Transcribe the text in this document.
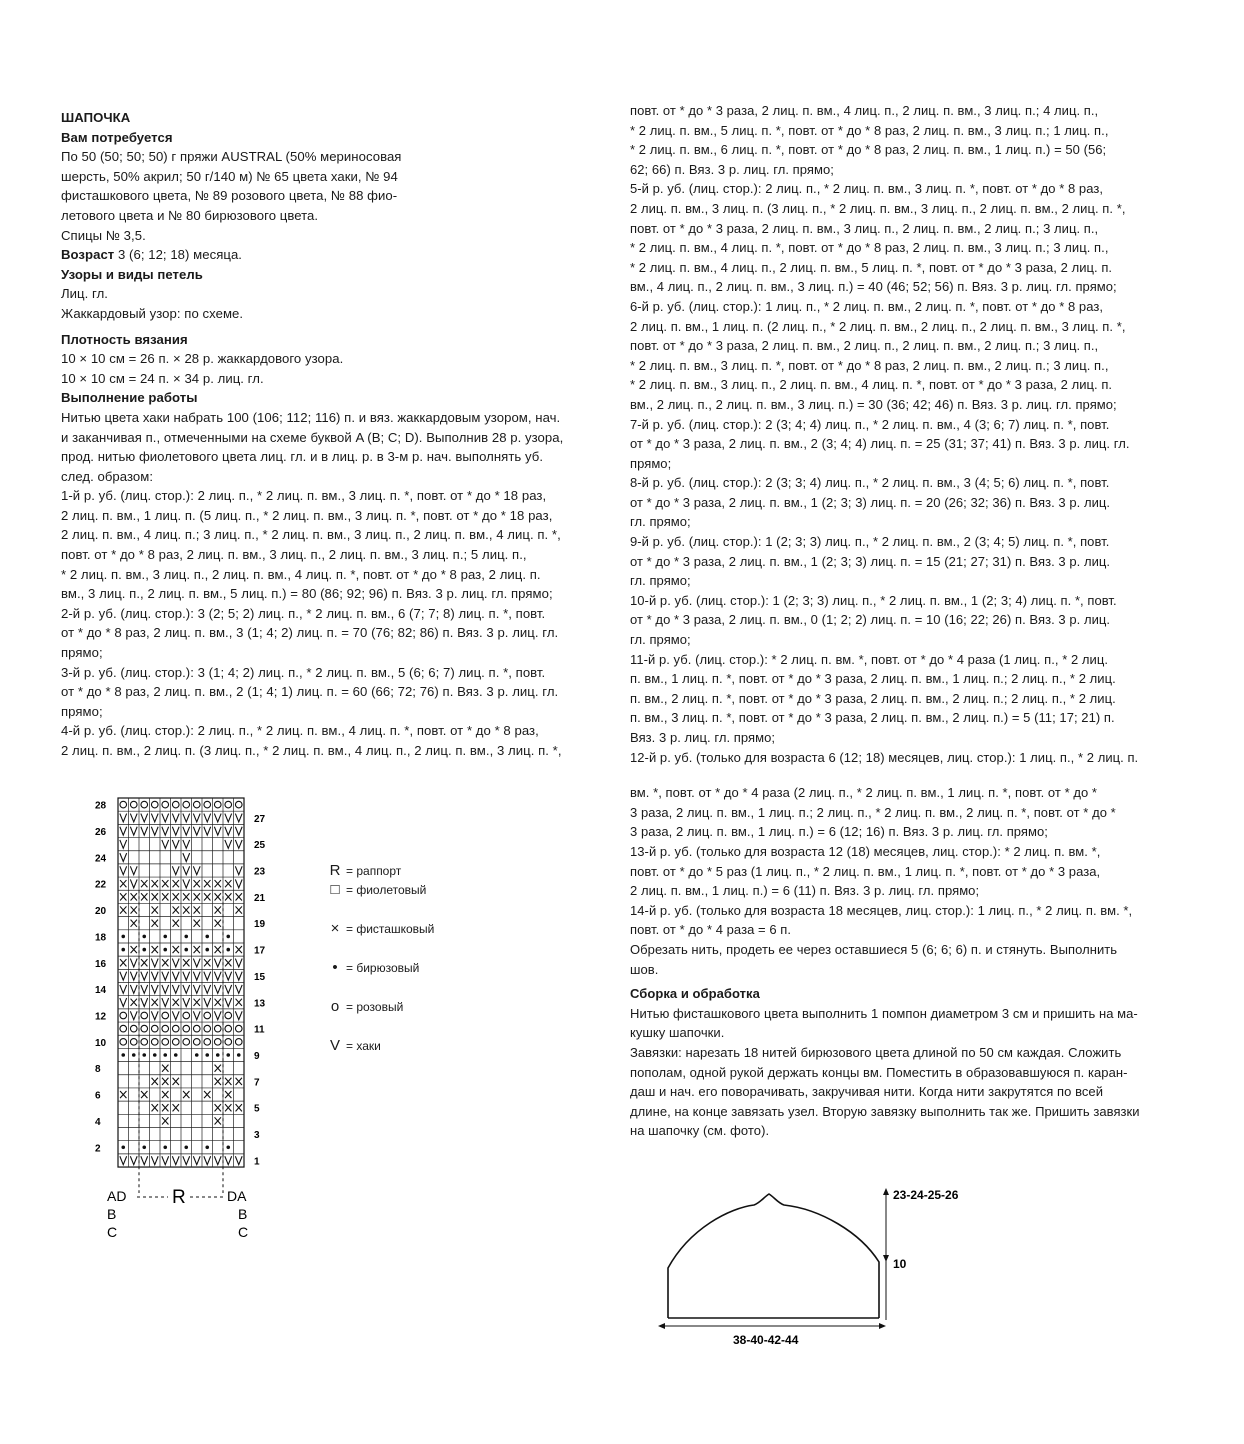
ШАПОЧКА
Вам потребуется
По 50 (50; 50; 50) г пряжи AUSTRAL (50% мериносовая
шерсть, 50% акрил; 50 г/140 м) № 65 цвета хаки, № 94
фисташкового цвета, № 89 розового цвета, № 88 фио-
летового цвета и № 80 бирюзового цвета.
Спицы № 3,5.
Возраст 3 (6; 12; 18) месяца.
Узоры и виды петель
Лиц. гл.
Жаккардовый узор: по схеме.
Плотность вязания
10 × 10 см = 26 п. × 28 р. жаккардового узора.
10 × 10 см = 24 п. × 34 р. лиц. гл.
Выполнение работы
Нитью цвета хаки набрать 100 (106; 112; 116) п. и вяз. жаккардовым узором, нач.
и заканчивая п., отмеченными на схеме буквой A (B; C; D). Выполнив 28 р. узора,
прод. нитью фиолетового цвета лиц. гл. и в лиц. р. в 3-м р. нач. выполнять уб.
след. образом:
1-й р. уб. (лиц. стор.): 2 лиц. п., * 2 лиц. п. вм., 3 лиц. п. *, повт. от * до * 18 раз,
2 лиц. п. вм., 1 лиц. п. (5 лиц. п., * 2 лиц. п. вм., 3 лиц. п. *, повт. от * до * 18 раз,
2 лиц. п. вм., 4 лиц. п.; 3 лиц. п., * 2 лиц. п. вм., 3 лиц. п., 2 лиц. п. вм., 4 лиц. п. *,
повт. от * до * 8 раз, 2 лиц. п. вм., 3 лиц. п., 2 лиц. п. вм., 3 лиц. п.; 5 лиц. п.,
* 2 лиц. п. вм., 3 лиц. п., 2 лиц. п. вм., 4 лиц. п. *, повт. от * до * 8 раз, 2 лиц. п.
вм., 3 лиц. п., 2 лиц. п. вм., 5 лиц. п.) = 80 (86; 92; 96) п. Вяз. 3 р. лиц. гл. прямо;
2-й р. уб. (лиц. стор.): 3 (2; 5; 2) лиц. п., * 2 лиц. п. вм., 6 (7; 7; 8) лиц. п. *, повт.
от * до * 8 раз, 2 лиц. п. вм., 3 (1; 4; 2) лиц. п. = 70 (76; 82; 86) п. Вяз. 3 р. лиц. гл.
прямо;
3-й р. уб. (лиц. стор.): 3 (1; 4; 2) лиц. п., * 2 лиц. п. вм., 5 (6; 6; 7) лиц. п. *, повт.
от * до * 8 раз, 2 лиц. п. вм., 2 (1; 4; 1) лиц. п. = 60 (66; 72; 76) п. Вяз. 3 р. лиц. гл.
прямо;
4-й р. уб. (лиц. стор.): 2 лиц. п., * 2 лиц. п. вм., 4 лиц. п. *, повт. от * до * 8 раз,
2 лиц. п. вм., 2 лиц. п. (3 лиц. п., * 2 лиц. п. вм., 4 лиц. п., 2 лиц. п. вм., 3 лиц. п. *,
повт. от * до * 3 раза, 2 лиц. п. вм., 4 лиц. п., 2 лиц. п. вм., 3 лиц. п.; 4 лиц. п.,
* 2 лиц. п. вм., 5 лиц. п. *, повт. от * до * 8 раз, 2 лиц. п. вм., 3 лиц. п.; 1 лиц. п.,
* 2 лиц. п. вм., 6 лиц. п. *, повт. от * до * 8 раз, 2 лиц. п. вм., 1 лиц. п.) = 50 (56;
62; 66) п. Вяз. 3 р. лиц. гл. прямо;
5-й р. уб. (лиц. стор.): 2 лиц. п., * 2 лиц. п. вм., 3 лиц. п. *, повт. от * до * 8 раз,
2 лиц. п. вм., 3 лиц. п. (3 лиц. п., * 2 лиц. п. вм., 3 лиц. п., 2 лиц. п. вм., 2 лиц. п. *,
повт. от * до * 3 раза, 2 лиц. п. вм., 3 лиц. п., 2 лиц. п. вм., 2 лиц. п.; 3 лиц. п.,
* 2 лиц. п. вм., 4 лиц. п. *, повт. от * до * 8 раз, 2 лиц. п. вм., 3 лиц. п.; 3 лиц. п.,
* 2 лиц. п. вм., 4 лиц. п., 2 лиц. п. вм., 5 лиц. п. *, повт. от * до * 3 раза, 2 лиц. п.
вм., 4 лиц. п., 2 лиц. п. вм., 3 лиц. п.) = 40 (46; 52; 56) п. Вяз. 3 р. лиц. гл. прямо;
6-й р. уб. (лиц. стор.): 1 лиц. п., * 2 лиц. п. вм., 2 лиц. п. *, повт. от * до * 8 раз,
2 лиц. п. вм., 1 лиц. п. (2 лиц. п., * 2 лиц. п. вм., 2 лиц. п., 2 лиц. п. вм., 3 лиц. п. *,
повт. от * до * 3 раза, 2 лиц. п. вм., 2 лиц. п., 2 лиц. п. вм., 2 лиц. п.; 3 лиц. п.,
* 2 лиц. п. вм., 3 лиц. п. *, повт. от * до * 8 раз, 2 лиц. п. вм., 2 лиц. п.; 3 лиц. п.,
* 2 лиц. п. вм., 3 лиц. п., 2 лиц. п. вм., 4 лиц. п. *, повт. от * до * 3 раза, 2 лиц. п.
вм., 2 лиц. п., 2 лиц. п. вм., 3 лиц. п.) = 30 (36; 42; 46) п. Вяз. 3 р. лиц. гл. прямо;
7-й р. уб. (лиц. стор.): 2 (3; 4; 4) лиц. п., * 2 лиц. п. вм., 4 (3; 6; 7) лиц. п. *, повт.
от * до * 3 раза, 2 лиц. п. вм., 2 (3; 4; 4) лиц. п. = 25 (31; 37; 41) п. Вяз. 3 р. лиц. гл.
прямо;
8-й р. уб. (лиц. стор.): 2 (3; 3; 4) лиц. п., * 2 лиц. п. вм., 3 (4; 5; 6) лиц. п. *, повт.
от * до * 3 раза, 2 лиц. п. вм., 1 (2; 3; 3) лиц. п. = 20 (26; 32; 36) п. Вяз. 3 р. лиц.
гл. прямо;
9-й р. уб. (лиц. стор.): 1 (2; 3; 3) лиц. п., * 2 лиц. п. вм., 2 (3; 4; 5) лиц. п. *, повт.
от * до * 3 раза, 2 лиц. п. вм., 1 (2; 3; 3) лиц. п. = 15 (21; 27; 31) п. Вяз. 3 р. лиц.
гл. прямо;
10-й р. уб. (лиц. стор.): 1 (2; 3; 3) лиц. п., * 2 лиц. п. вм., 1 (2; 3; 4) лиц. п. *, повт.
от * до * 3 раза, 2 лиц. п. вм., 0 (1; 2; 2) лиц. п. = 10 (16; 22; 26) п. Вяз. 3 р. лиц.
гл. прямо;
11-й р. уб. (лиц. стор.): * 2 лиц. п. вм. *, повт. от * до * 4 раза (1 лиц. п., * 2 лиц.
п. вм., 1 лиц. п. *, повт. от * до * 3 раза, 2 лиц. п. вм., 1 лиц. п.; 2 лиц. п., * 2 лиц.
п. вм., 2 лиц. п. *, повт. от * до * 3 раза, 2 лиц. п. вм., 2 лиц. п.; 2 лиц. п., * 2 лиц.
п. вм., 3 лиц. п. *, повт. от * до * 3 раза, 2 лиц. п. вм., 2 лиц. п.) = 5 (11; 17; 21) п.
Вяз. 3 р. лиц. гл. прямо;
12-й р. уб. (только для возраста 6 (12; 18) месяцев, лиц. стор.): 1 лиц. п., * 2 лиц. п.
вм. *, повт. от * до * 4 раза (2 лиц. п., * 2 лиц. п. вм., 1 лиц. п. *, повт. от * до *
3 раза, 2 лиц. п. вм., 1 лиц. п.; 2 лиц. п., * 2 лиц. п. вм., 2 лиц. п. *, повт. от * до *
3 раза, 2 лиц. п. вм., 1 лиц. п.) = 6 (12; 16) п. Вяз. 3 р. лиц. гл. прямо;
13-й р. уб. (только для возраста 12 (18) месяцев, лиц. стор.): * 2 лиц. п. вм. *,
повт. от * до * 5 раз (1 лиц. п., * 2 лиц. п. вм., 1 лиц. п. *, повт. от * до * 3 раза,
2 лиц. п. вм., 1 лиц. п.) = 6 (11) п. Вяз. 3 р. лиц. гл. прямо;
14-й р. уб. (только для возраста 18 месяцев, лиц. стор.): 1 лиц. п., * 2 лиц. п. вм. *,
повт. от * до * 4 раза = 6 п.
Обрезать нить, продеть ее через оставшиеся 5 (6; 6; 6) п. и стянуть. Выполнить
шов.
Сборка и обработка
Нитью фисташкового цвета выполнить 1 помпон диаметром 3 см и пришить на ма-
кушку шапочки.
Завязки: нарезать 18 нитей бирюзового цвета длиной по 50 см каждая. Сложить
пополам, одной рукой держать концы вм. Поместить в образовавшуюся п. каран-
даш и нач. его поворачивать, закручивая нити. Когда нити закрутятся по всей
длине, на конце завязать узел. Вторую завязку выполнить так же. Пришить завязки
на шапочку (см. фото).
28
26
24
22
20
18
16
14
12
10
8
6
4
2
27
25
23
21
19
17
15
13
11
9
7
5
3
1
AD
B
C
R	DA
B
C
R = раппорт
□ = фиолетовый
× = фисташковый
• = бирюзовый
o = розовый
V = хаки
23-24-25-26
10
38-40-42-44
